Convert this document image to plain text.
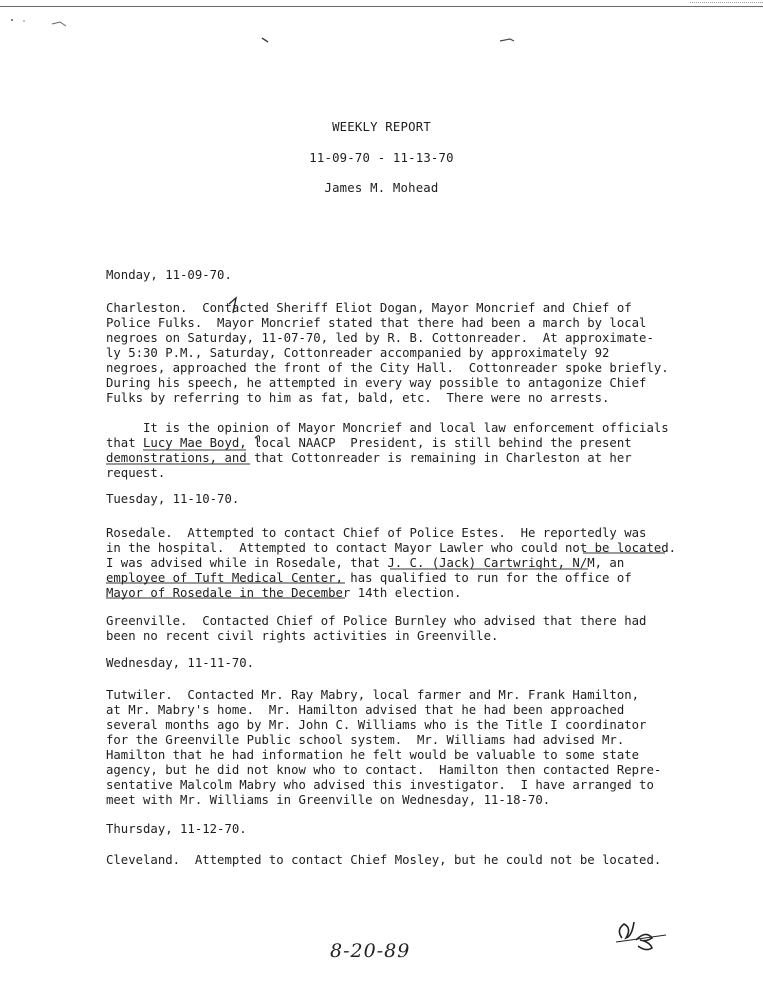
WEEKLY REPORT
11-09-70 - 11-13-70
James M. Mohead
Monday, 11-09-70.
Charleston.  Contacted Sheriff Eliot Dogan, Mayor Moncrief and Chief of
Police Fulks.  Mayor Moncrief stated that there had been a march by local
negroes on Saturday, 11-07-70, led by R. B. Cottonreader.  At approximate-
ly 5:30 P.M., Saturday, Cottonreader accompanied by approximately 92
negroes, approached the front of the City Hall.  Cottonreader spoke briefly.
During his speech, he attempted in every way possible to antagonize Chief
Fulks by referring to him as fat, bald, etc.  There were no arrests.
It is the opinion of Mayor Moncrief and local law enforcement officials
that Lucy Mae Boyd, local NAACP  President, is still behind the present
demonstrations, and that Cottonreader is remaining in Charleston at her
request.
Tuesday, 11-10-70.
Rosedale.  Attempted to contact Chief of Police Estes.  He reportedly was
in the hospital.  Attempted to contact Mayor Lawler who could not be located.
I was advised while in Rosedale, that J. C. (Jack) Cartwright, N/M, an
employee of Tuft Medical Center, has qualified to run for the office of
Mayor of Rosedale in the December 14th election.
Greenville.  Contacted Chief of Police Burnley who advised that there had
been no recent civil rights activities in Greenville.
Wednesday, 11-11-70.
Tutwiler.  Contacted Mr. Ray Mabry, local farmer and Mr. Frank Hamilton,
at Mr. Mabry's home.  Mr. Hamilton advised that he had been approached
several months ago by Mr. John C. Williams who is the Title I coordinator
for the Greenville Public school system.  Mr. Williams had advised Mr.
Hamilton that he had information he felt would be valuable to some state
agency, but he did not know who to contact.  Hamilton then contacted Repre-
sentative Malcolm Mabry who advised this investigator.  I have arranged to
meet with Mr. Williams in Greenville on Wednesday, 11-18-70.
Thursday, 11-12-70.
Cleveland.  Attempted to contact Chief Mosley, but he could not be located.
8-20-89
